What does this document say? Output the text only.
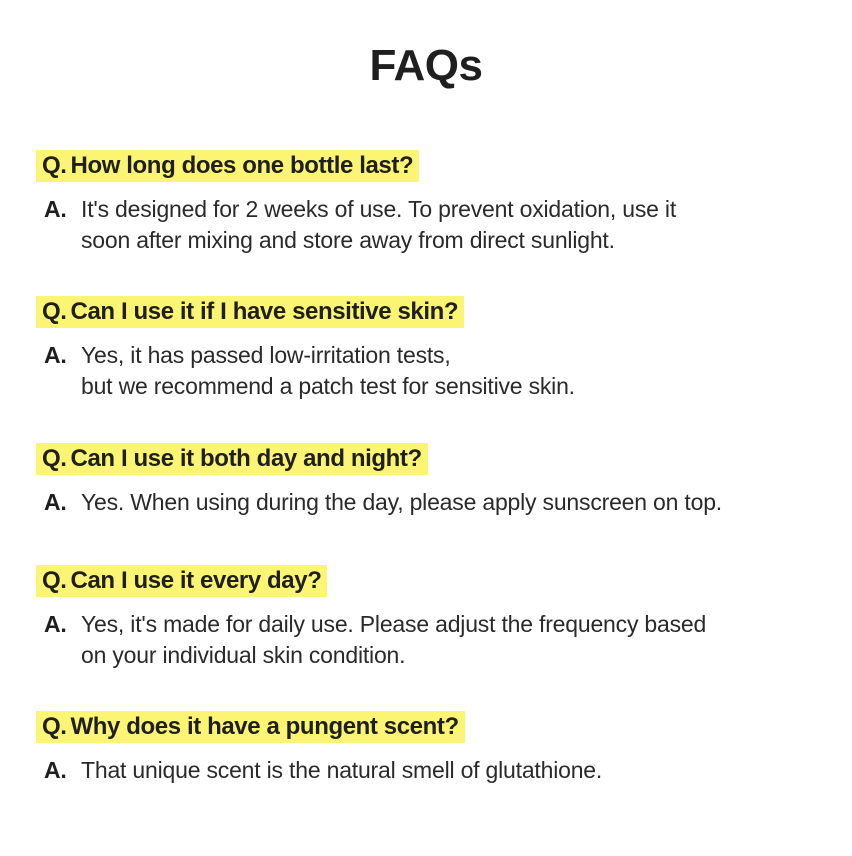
FAQs
Q. How long does one bottle last?
A. It's designed for 2 weeks of use. To prevent oxidation, use it
soon after mixing and store away from direct sunlight.
Q. Can I use it if I have sensitive skin?
A. Yes, it has passed low-irritation tests,
but we recommend a patch test for sensitive skin.
Q. Can I use it both day and night?
A. Yes. When using during the day, please apply sunscreen on top.
Q. Can I use it every day?
A. Yes, it's made for daily use. Please adjust the frequency based
on your individual skin condition.
Q. Why does it have a pungent scent?
A. That unique scent is the natural smell of glutathione.
